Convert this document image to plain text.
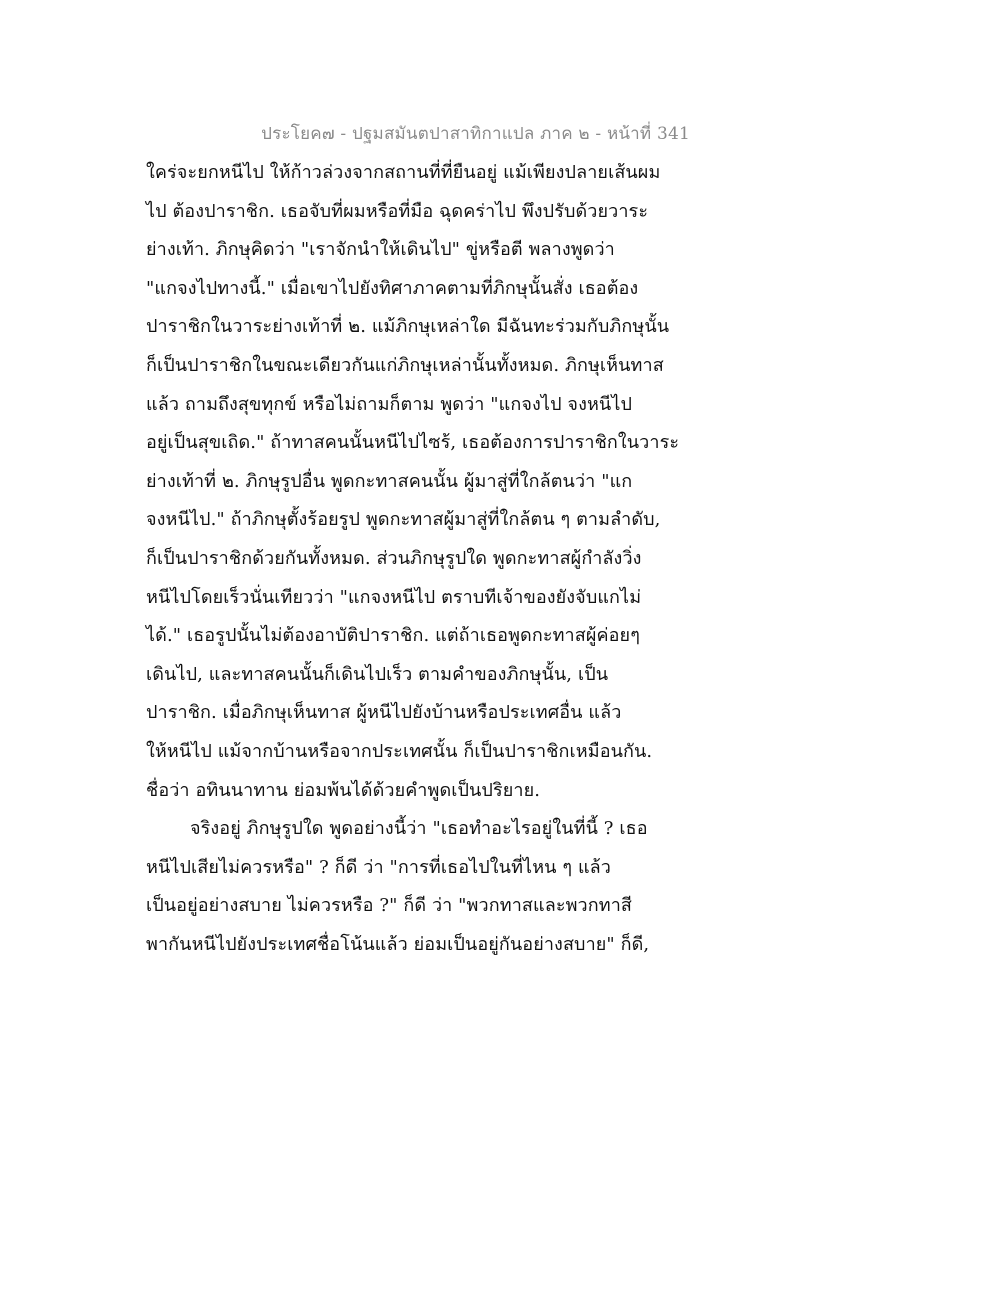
ประโยค๗ - ปฐมสมันตปาสาทิกาแปล ภาค ๒ - หน้าที่ 341
ใคร่จะยกหนีไป ให้ก้าวล่วงจากสถานที่ที่ยืนอยู่ แม้เพียงปลายเส้นผม
ไป ต้องปาราชิก. เธอจับที่ผมหรือที่มือ ฉุดคร่าไป พึงปรับด้วยวาระ
ย่างเท้า. ภิกษุคิดว่า "เราจักนำให้เดินไป" ขู่หรือตี พลางพูดว่า
"แกจงไปทางนี้." เมื่อเขาไปยังทิศาภาคตามที่ภิกษุนั้นสั่ง เธอต้อง
ปาราชิกในวาระย่างเท้าที่ ๒. แม้ภิกษุเหล่าใด มีฉันทะร่วมกับภิกษุนั้น
ก็เป็นปาราชิกในขณะเดียวกันแก่ภิกษุเหล่านั้นทั้งหมด. ภิกษุเห็นทาส
แล้ว ถามถึงสุขทุกข์ หรือไม่ถามก็ตาม พูดว่า "แกจงไป จงหนีไป
อยู่เป็นสุขเถิด." ถ้าทาสคนนั้นหนีไปไซร้, เธอต้องการปาราชิกในวาระ
ย่างเท้าที่ ๒. ภิกษุรูปอื่น พูดกะทาสคนนั้น ผู้มาสู่ที่ใกล้ตนว่า "แก
จงหนีไป." ถ้าภิกษุตั้งร้อยรูป พูดกะทาสผู้มาสู่ที่ใกล้ตน ๆ ตามลำดับ,
ก็เป็นปาราชิกด้วยกันทั้งหมด. ส่วนภิกษุรูปใด พูดกะทาสผู้กำลังวิ่ง
หนีไปโดยเร็วนั่นเทียวว่า "แกจงหนีไป ตราบทีเจ้าของยังจับแกไม่
ได้." เธอรูปนั้นไม่ต้องอาบัติปาราชิก. แต่ถ้าเธอพูดกะทาสผู้ค่อยๆ
เดินไป, และทาสคนนั้นก็เดินไปเร็ว ตามคำของภิกษุนั้น, เป็น
ปาราชิก. เมื่อภิกษุเห็นทาส ผู้หนีไปยังบ้านหรือประเทศอื่น แล้ว
ให้หนีไป แม้จากบ้านหรือจากประเทศนั้น ก็เป็นปาราชิกเหมือนกัน.
ชื่อว่า อทินนาทาน ย่อมพ้นได้ด้วยคำพูดเป็นปริยาย.
จริงอยู่ ภิกษุรูปใด พูดอย่างนี้ว่า "เธอทำอะไรอยู่ในที่นี้ ? เธอ
หนีไปเสียไม่ควรหรือ" ? ก็ดี ว่า "การที่เธอไปในที่ไหน ๆ แล้ว
เป็นอยู่อย่างสบาย ไม่ควรหรือ ?" ก็ดี ว่า "พวกทาสและพวกทาสี
พากันหนีไปยังประเทศชื่อโน้นแล้ว ย่อมเป็นอยู่กันอย่างสบาย" ก็ดี,
